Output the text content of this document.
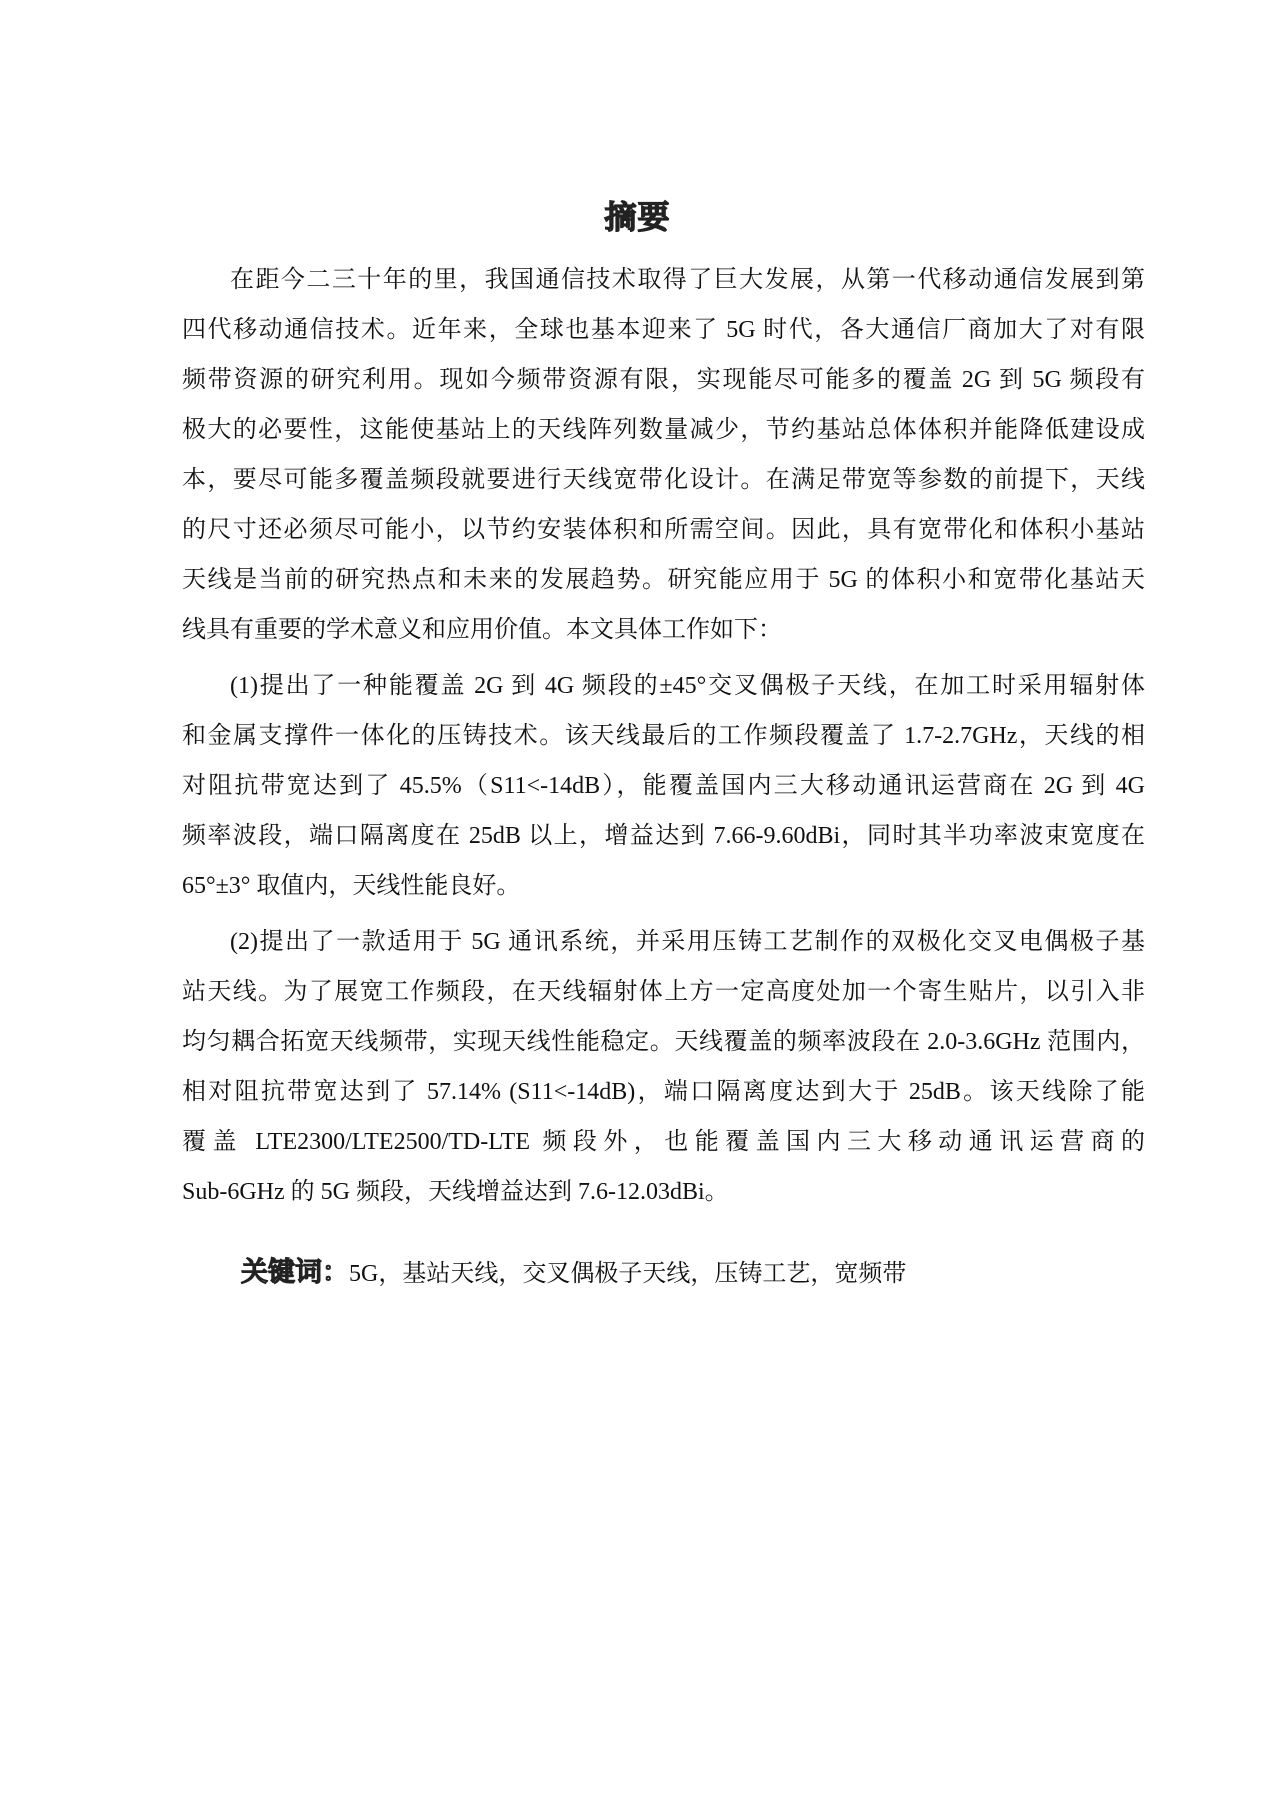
摘要
在距今二三十年的里，我国通信技术取得了巨大发展，从第一代移动通信发展到第
四代移动通信技术。近年来，全球也基本迎来了 5G 时代，各大通信厂商加大了对有限
频带资源的研究利用。现如今频带资源有限，实现能尽可能多的覆盖 2G 到 5G 频段有
极大的必要性，这能使基站上的天线阵列数量减少，节约基站总体体积并能降低建设成
本，要尽可能多覆盖频段就要进行天线宽带化设计。在满足带宽等参数的前提下，天线
的尺寸还必须尽可能小，以节约安装体积和所需空间。因此，具有宽带化和体积小基站
天线是当前的研究热点和未来的发展趋势。研究能应用于 5G 的体积小和宽带化基站天
线具有重要的学术意义和应用价值。本文具体工作如下：
(1)提出了一种能覆盖 2G 到 4G 频段的±45°交叉偶极子天线，在加工时采用辐射体
和金属支撑件一体化的压铸技术。该天线最后的工作频段覆盖了 1.7-2.7GHz，天线的相
对阻抗带宽达到了 45.5%（S11<-14dB），能覆盖国内三大移动通讯运营商在 2G 到 4G
频率波段，端口隔离度在 25dB 以上，增益达到 7.66-9.60dBi，同时其半功率波束宽度在
65°±3° 取值内，天线性能良好。
(2)提出了一款适用于 5G 通讯系统，并采用压铸工艺制作的双极化交叉电偶极子基
站天线。为了展宽工作频段，在天线辐射体上方一定高度处加一个寄生贴片，以引入非
均匀耦合拓宽天线频带，实现天线性能稳定。天线覆盖的频率波段在 2.0-3.6GHz 范围内，
相对阻抗带宽达到了 57.14% (S11<-14dB)，端口隔离度达到大于 25dB。该天线除了能
覆盖 LTE2300/LTE2500/TD-LTE 频段外，也能覆盖国内三大移动通讯运营商的
Sub-6GHz 的 5G 频段，天线增益达到 7.6-12.03dBi。
关键词：5G，基站天线，交叉偶极子天线，压铸工艺，宽频带
